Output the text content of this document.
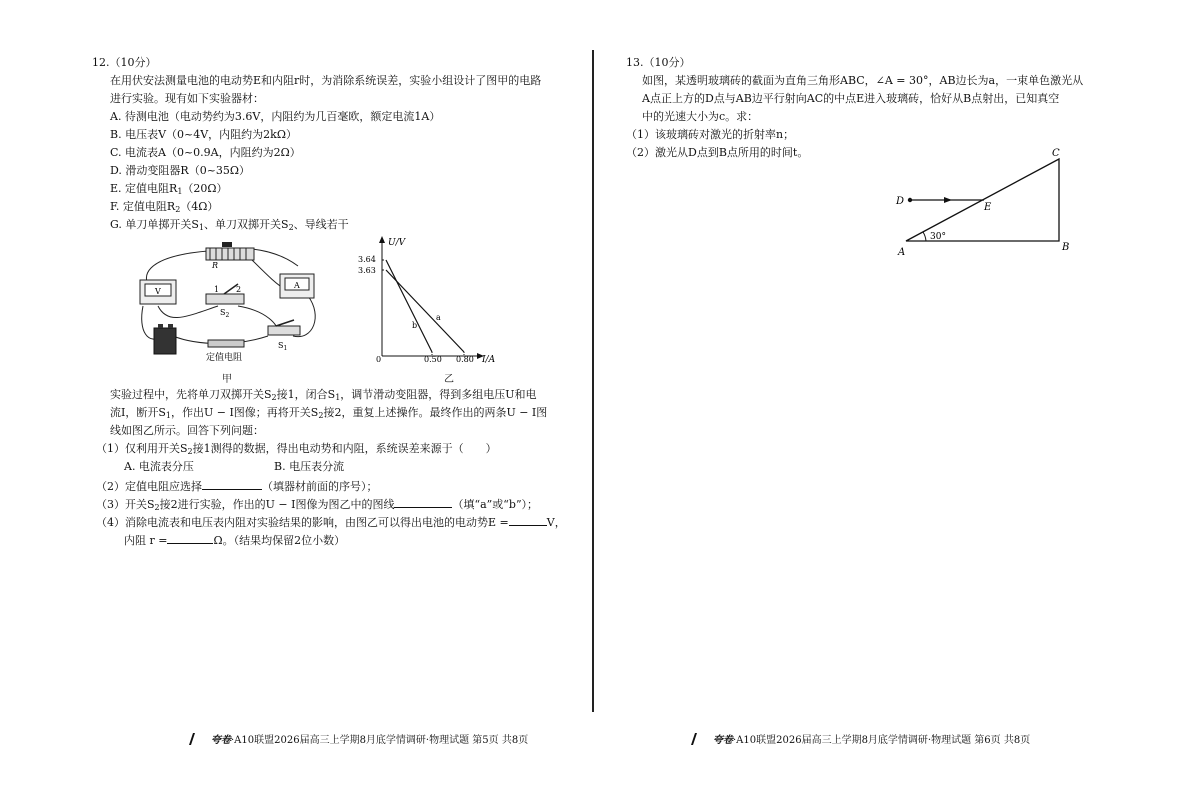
12.（10分）
在用伏安法测量电池的电动势E和内阻r时，为消除系统误差，实验小组设计了图甲的电路
进行实验。现有如下实验器材：
A. 待测电池（电动势约为3.6V，内阻约为几百毫欧，额定电流1A）
B. 电压表V（0~4V，内阻约为2kΩ）
C. 电流表A（0~0.9A，内阻约为2Ω）
D. 滑动变阻器R（0~35Ω）
E. 定值电阻$R_1(20\Omega)$
F. 定值电阻$R_2(4\Omega)$
G. 单刀单掷开关$S_1$、单刀双掷开关$S_2$、导线若干
R
V
A
1 2
$S_2$
$S_1$
定值电阻
甲
U/V
I/A
0
3.64
3.63
0.50 0.80
a
b
乙
实验过程中，先将单刀双掷开关$S_2$接1，闭合$S_1$，调节滑动变阻器，得到多组电压U和电
流I，断开$S_1$，作出U − I图像；再将开关$S_2$接2，重复上述操作。最终作出的两条U − I图
线如图乙所示。回答下列问题：
（1）仅利用开关$S_2$接1测得的数据，得出电动势和内阻，系统误差来源于（　　）
A. 电流表分压	B. 电压表分流
（2）定值电阻应选择	（填器材前面的序号）；
（3）开关$S_2$接2进行实验，作出的U − I图像为图乙中的图线	（填“a”或“b”）；
（4）消除电流表和电压表内阻对实验结果的影响，由图乙可以得出电池的电动势E =	V，
内阻 r =	Ω。（结果均保留2位小数）
夸卷 ·A10联盟2026届高三上学期8月底学情调研·物理试题 第5页 共8页
13.（10分）
如图，某透明玻璃砖的截面为直角三角形ABC，∠A = 30°，AB边长为a，一束单色激光从
A点正上方的D点与AB边平行射向AC的中点E进入玻璃砖，恰好从B点射出，已知真空
中的光速大小为c。求：
（1）该玻璃砖对激光的折射率n；
（2）激光从D点到B点所用的时间t。
D
E
A	B
C
30°
夸卷 ·A10联盟2026届高三上学期8月底学情调研·物理试题 第6页 共8页
